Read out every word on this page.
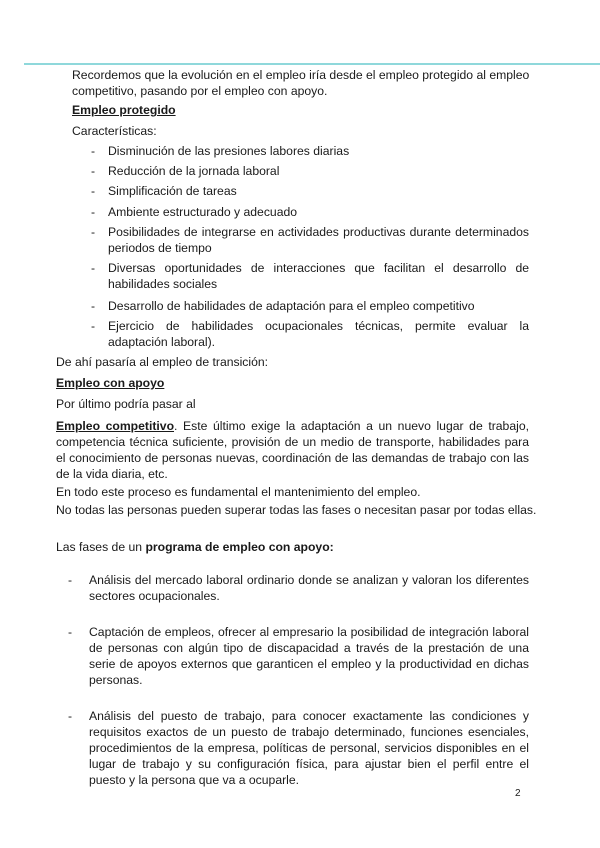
Recordemos que la evolución en el empleo iría desde el empleo protegido al empleo competitivo, pasando por el empleo con apoyo.
Empleo protegido
Características:
- Disminución de las presiones labores diarias
- Reducción de la jornada laboral
- Simplificación de tareas
- Ambiente estructurado y adecuado
- Posibilidades de integrarse en actividades productivas durante determinados periodos de tiempo
- Diversas oportunidades de interacciones que facilitan el desarrollo de habilidades sociales
- Desarrollo de habilidades de adaptación para el empleo competitivo
- Ejercicio de habilidades ocupacionales técnicas, permite evaluar la adaptación laboral).
De ahí pasaría al empleo de transición:
Empleo con apoyo
Por último podría pasar al
Empleo competitivo. Este último exige la adaptación a un nuevo lugar de trabajo, competencia técnica suficiente, provisión de un medio de transporte, habilidades para el conocimiento de personas nuevas, coordinación de las demandas de trabajo con las de la vida diaria, etc.
En todo este proceso es fundamental el mantenimiento del empleo.
No todas las personas pueden superar todas las fases o necesitan pasar por todas ellas.
Las fases de un programa de empleo con apoyo:
- Análisis del mercado laboral ordinario donde se analizan y valoran los diferentes sectores ocupacionales.
- Captación de empleos, ofrecer al empresario la posibilidad de integración laboral de personas con algún tipo de discapacidad a través de la prestación de una serie de apoyos externos que garanticen el empleo y la productividad en dichas personas.
- Análisis del puesto de trabajo, para conocer exactamente las condiciones y requisitos exactos de un puesto de trabajo determinado, funciones esenciales, procedimientos de la empresa, políticas de personal, servicios disponibles en el lugar de trabajo y su configuración física, para ajustar bien el perfil entre el puesto y la persona que va a ocuparle.
2
